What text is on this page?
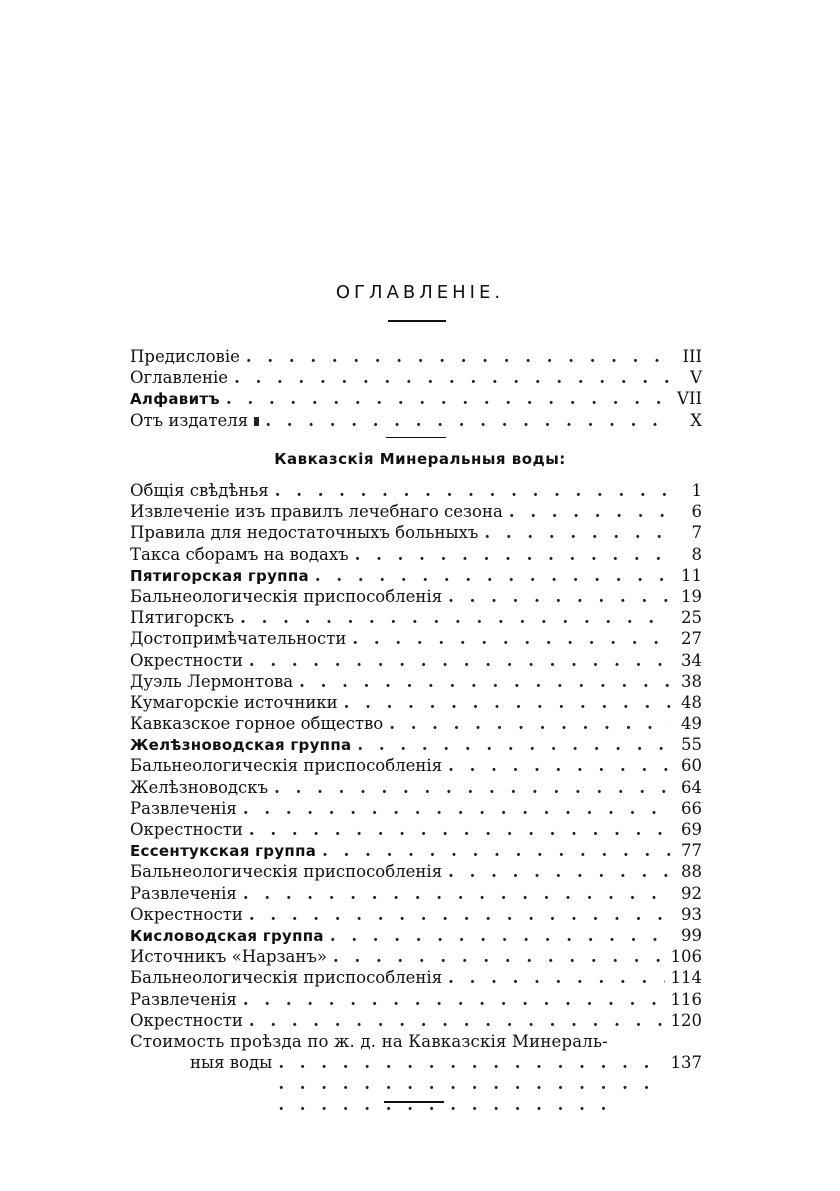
ОГЛАВЛЕНІЕ.
Предисловіе . . .	III
Оглавленіе . . .	V
Алфавитъ . . .	VII
Отъ издателя . . .	X
Кавказскія Минеральныя воды:
Общія свѣдѣнья . . .	1
Извлеченіе изъ правилъ лечебнаго сезона . . .	6
Правила для недостаточныхъ больныхъ . . .	7
Такса сборамъ на водахъ . . .	8
Пятигорская группа . . .	11
Бальнеологическія приспособленія . . .	19
Пятигорскъ . . .	25
Достопримѣчательности . . .	27
Окрестности . . .	34
Дуэль Лермонтова . . .	38
Кумагорскіе источники . . .	48
Кавказское горное общество . . .	49
Желѣзноводская группа . . .	55
Бальнеологическія приспособленія . . .	60
Желѣзноводскъ . . .	64
Развлеченія . . .	66
Окрестности . . .	69
Ессентукская группа . . .	77
Бальнеологическія приспособленія . . .	88
Развлеченія . . .	92
Окрестности . . .	93
Кисловодская группа . . .	99
Источникъ «Нарзанъ» . . .	106
Бальнеологическія приспособленія . . .	114
Развлеченія . . .	116
Окрестности . . .	120
Стоимость проѣзда по ж. д. на Кавказскія Минераль-
ныя воды . . .	137
